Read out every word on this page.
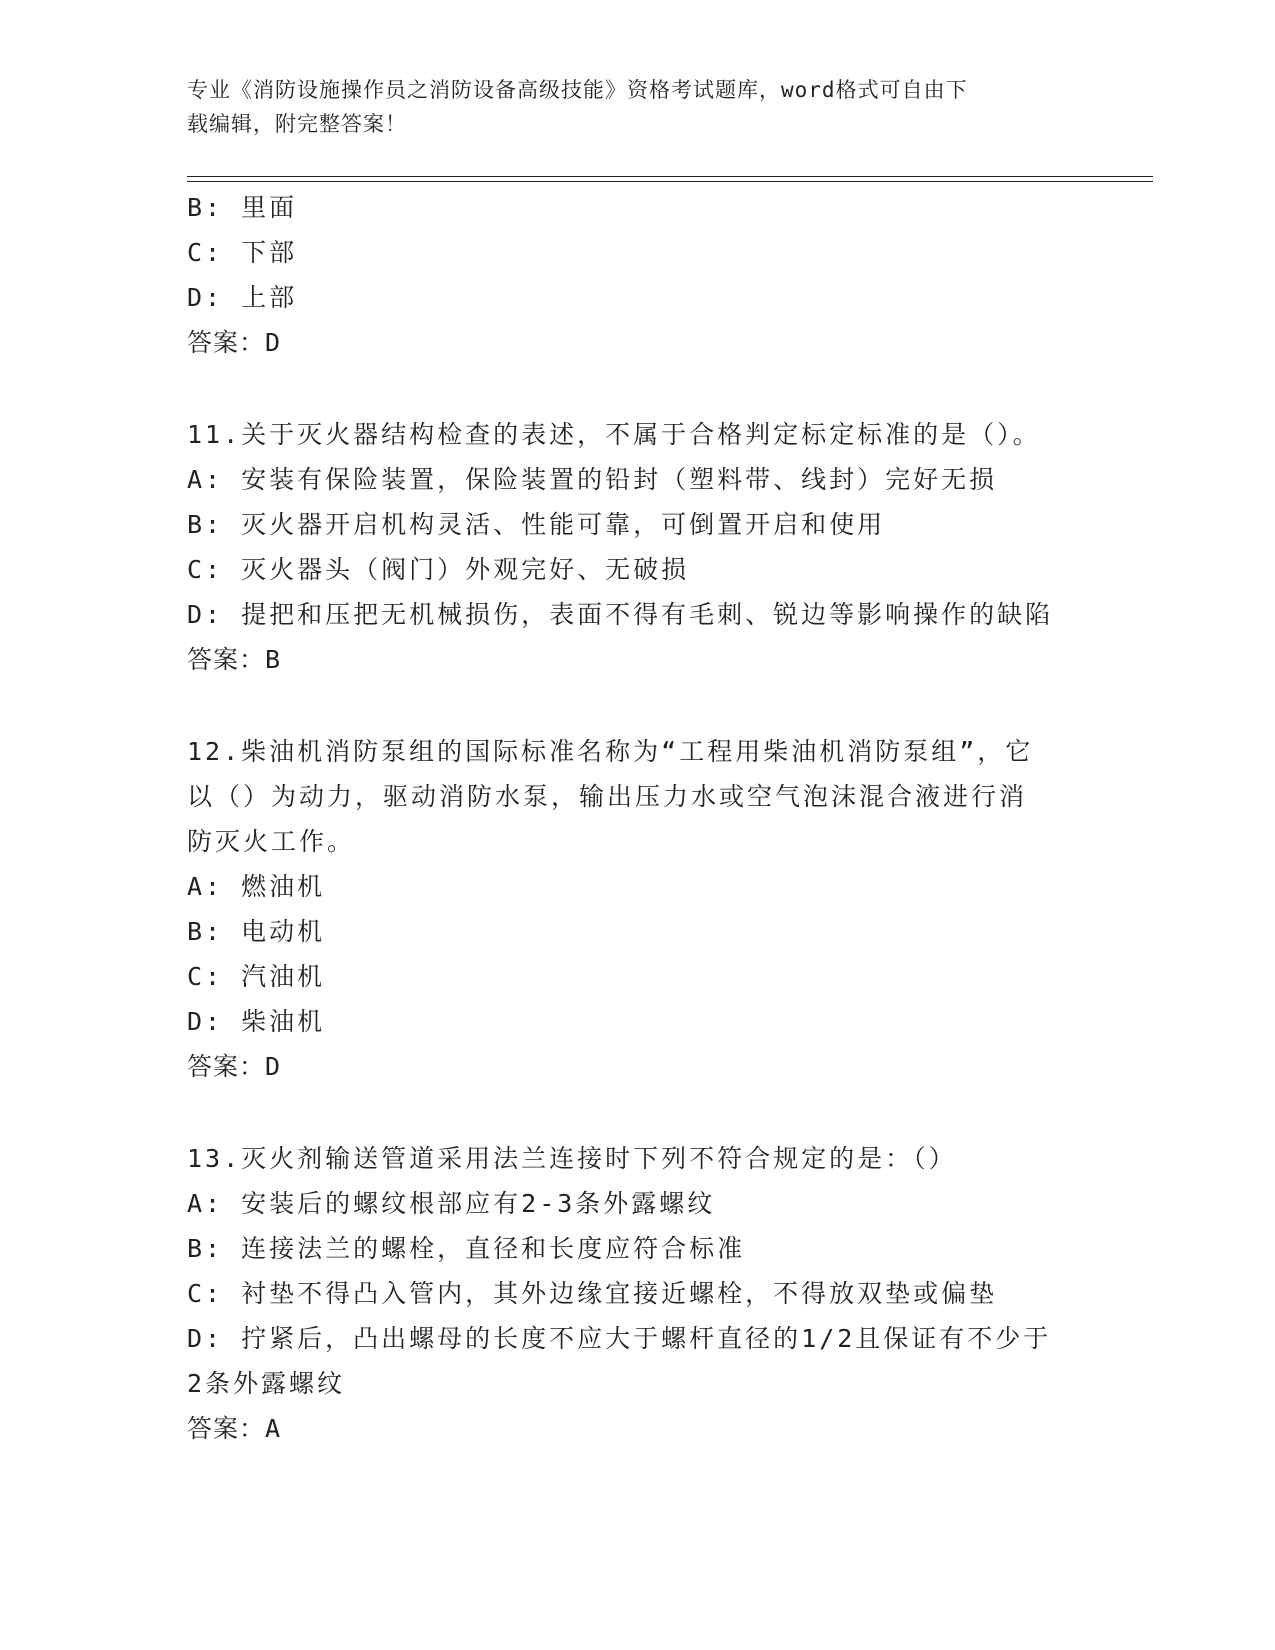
专业《消防设施操作员之消防设备高级技能》资格考试题库，word格式可自由下
载编辑，附完整答案！
B: 里面
C: 下部
D: 上部
答案：D
11.关于灭火器结构检查的表述，不属于合格判定标定标准的是（）。
A: 安装有保险装置，保险装置的铅封（塑料带、线封）完好无损
B: 灭火器开启机构灵活、性能可靠，可倒置开启和使用
C: 灭火器头（阀门）外观完好、无破损
D: 提把和压把无机械损伤，表面不得有毛刺、锐边等影响操作的缺陷
答案：B
12.柴油机消防泵组的国际标准名称为“工程用柴油机消防泵组”，它
以（）为动力，驱动消防水泵，输出压力水或空气泡沫混合液进行消
防灭火工作。
A: 燃油机
B: 电动机
C: 汽油机
D: 柴油机
答案：D
13.灭火剂输送管道采用法兰连接时下列不符合规定的是：（）
A: 安装后的螺纹根部应有2-3条外露螺纹
B: 连接法兰的螺栓，直径和长度应符合标准
C: 衬垫不得凸入管内，其外边缘宜接近螺栓，不得放双垫或偏垫
D: 拧紧后，凸出螺母的长度不应大于螺杆直径的1/2且保证有不少于
2条外露螺纹
答案：A
